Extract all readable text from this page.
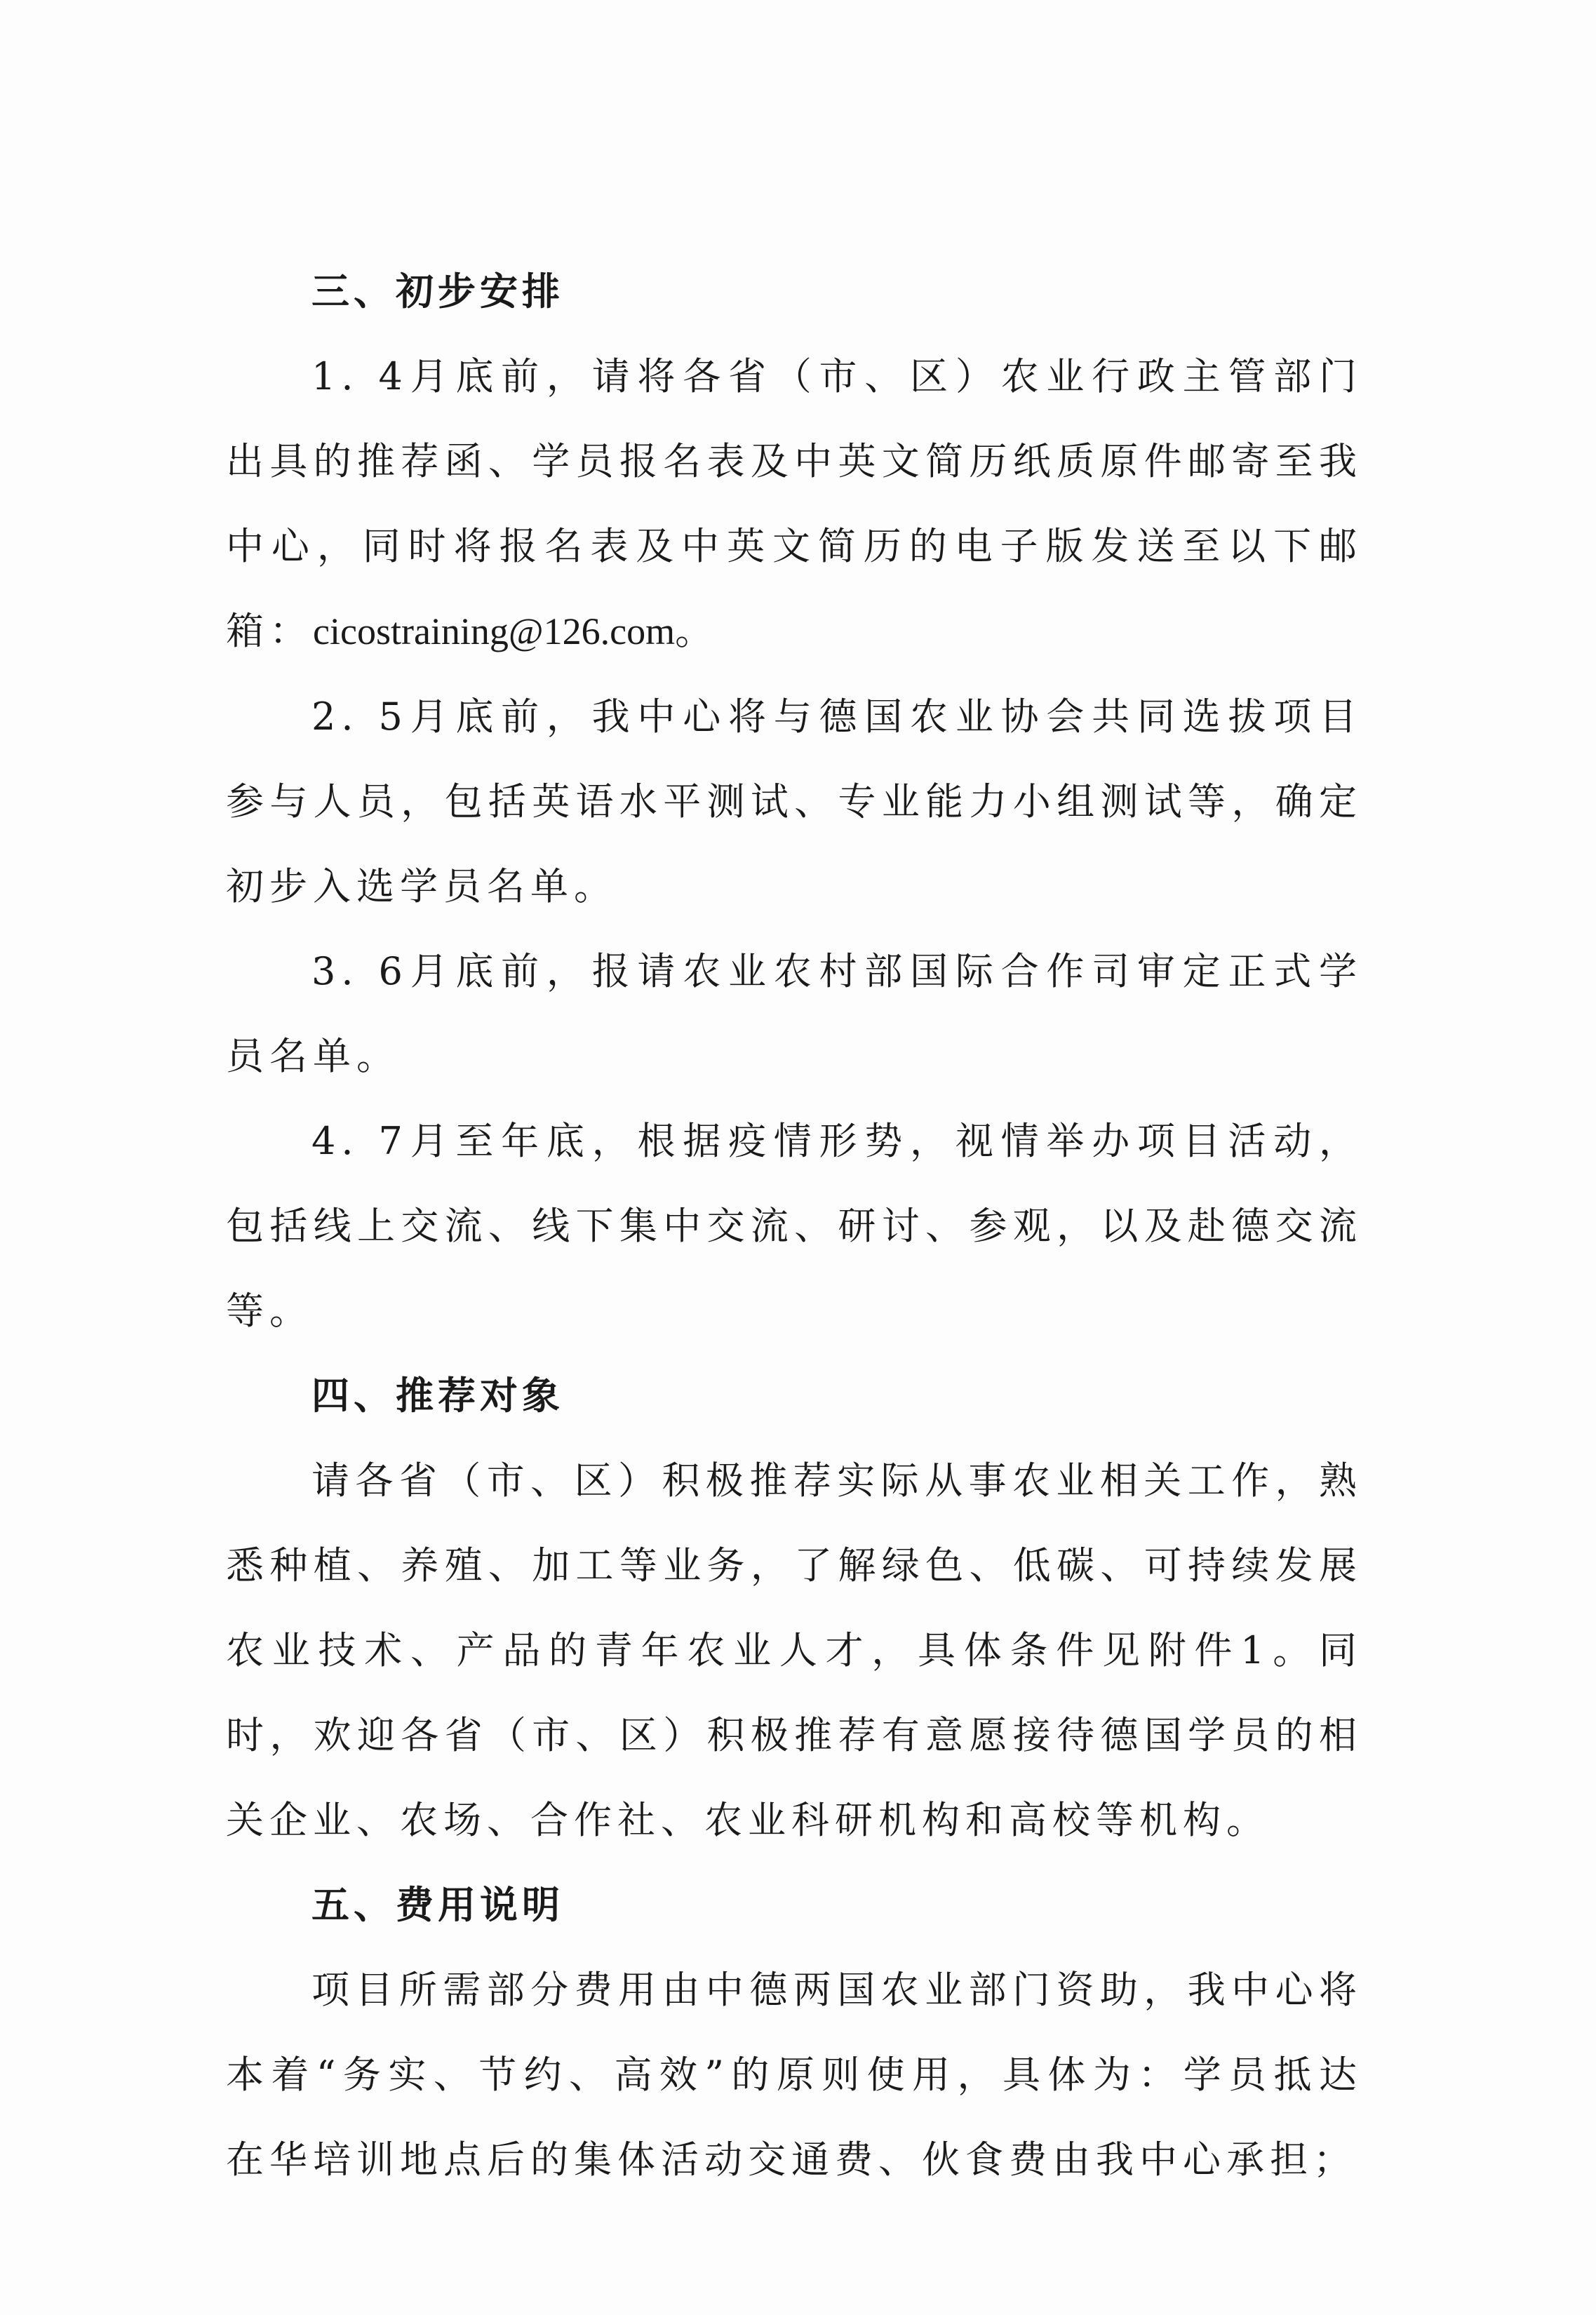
三、初步安排

1. 4月底前，请将各省（市、区）农业行政主管部门出具的推荐函、学员报名表及中英文简历纸质原件邮寄至我中心，同时将报名表及中英文简历的电子版发送至以下邮箱：cicostraining@126.com。

2. 5月底前，我中心将与德国农业协会共同选拔项目参与人员，包括英语水平测试、专业能力小组测试等，确定初步入选学员名单。

3. 6月底前，报请农业农村部国际合作司审定正式学员名单。

4. 7月至年底，根据疫情形势，视情举办项目活动，包括线上交流、线下集中交流、研讨、参观，以及赴德交流等。

四、推荐对象

请各省（市、区）积极推荐实际从事农业相关工作，熟悉种植、养殖、加工等业务，了解绿色、低碳、可持续发展农业技术、产品的青年农业人才，具体条件见附件1。同时，欢迎各省（市、区）积极推荐有意愿接待德国学员的相关企业、农场、合作社、农业科研机构和高校等机构。

五、费用说明

项目所需部分费用由中德两国农业部门资助，我中心将本着“务实、节约、高效”的原则使用，具体为：学员抵达在华培训地点后的集体活动交通费、伙食费由我中心承担；
